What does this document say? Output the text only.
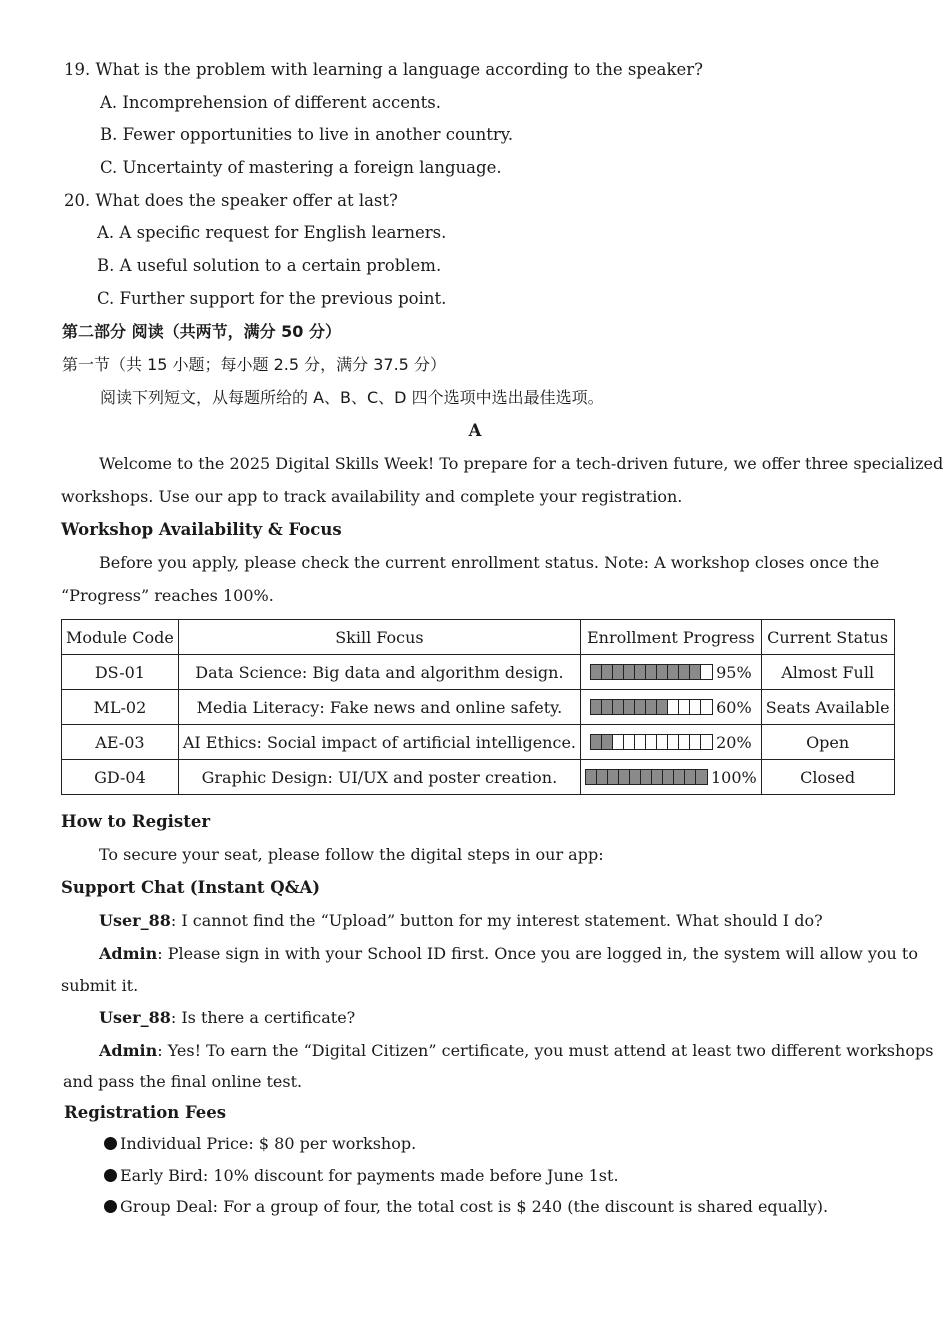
19. What is the problem with learning a language according to the speaker?
A. Incomprehension of different accents.
B. Fewer opportunities to live in another country.
C. Uncertainty of mastering a foreign language.
20. What does the speaker offer at last?
A. A specific request for English learners.
B. A useful solution to a certain problem.
C. Further support for the previous point.
第二部分 阅读（共两节，满分 50 分）
第一节（共 15 小题；每小题 2.5 分，满分 37.5 分）
阅读下列短文，从每题所给的 A、B、C、D 四个选项中选出最佳选项。
A
Welcome to the 2025 Digital Skills Week! To prepare for a tech-driven future, we offer three specialized
workshops. Use our app to track availability and complete your registration.
Workshop Availability & Focus
Before you apply, please check the current enrollment status. Note: A workshop closes once the
“Progress” reaches 100%.
Module Code	Skill Focus	Enrollment Progress	Current Status
DS-01	Data Science: Big data and algorithm design.	95%	Almost Full
ML-02	Media Literacy: Fake news and online safety.	60%	Seats Available
AE-03	AI Ethics: Social impact of artificial intelligence.	20%	Open
GD-04	Graphic Design: UI/UX and poster creation.	100%	Closed
How to Register
To secure your seat, please follow the digital steps in our app:
Support Chat (Instant Q&A)
User_88: I cannot find the “Upload” button for my interest statement. What should I do?
Admin: Please sign in with your School ID first. Once you are logged in, the system will allow you to
submit it.
User_88: Is there a certificate?
Admin: Yes! To earn the “Digital Citizen” certificate, you must attend at least two different workshops
and pass the final online test.
Registration Fees
Individual Price: $ 80 per workshop.
Early Bird: 10% discount for payments made before June 1st.
Group Deal: For a group of four, the total cost is $ 240 (the discount is shared equally).
